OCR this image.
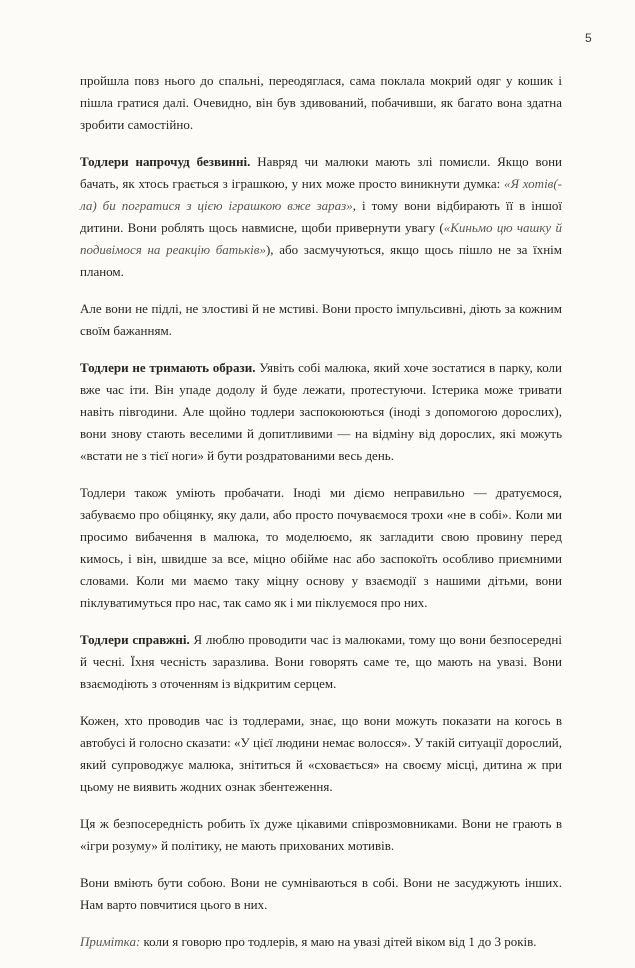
5

пройшла повз нього до спальні, переодяглася, сама поклала мокрий одяг у кошик і пішла гратися далі. Очевидно, він був здивований, побачивши, як багато вона здатна зробити самостійно.

Тодлери напрочуд безвинні. Навряд чи малюки мають злі помисли. Якщо вони бачать, як хтось грається з іграшкою, у них може просто виникнути думка: «Я хотів(-ла) би погратися з цією іграшкою вже зараз», і тому вони відбирають її в іншої дитини. Вони роблять щось навмисне, щоби привернути увагу («Киньмо цю чашку й подивімося на реакцію батьків»), або засмучуються, якщо щось пішло не за їхнім планом.

Але вони не підлі, не злостиві й не мстиві. Вони просто імпульсивні, діють за кожним своїм бажанням.

Тодлери не тримають образи. Уявіть собі малюка, який хоче зостатися в парку, коли вже час іти. Він упаде додолу й буде лежати, протестуючи. Істерика може тривати навіть півгодини. Але щойно тодлери заспокоюються (іноді з допомогою дорослих), вони знову стають веселими й допитливими — на відміну від дорослих, які можуть «встати не з тієї ноги» й бути роздратованими весь день.

Тодлери також уміють пробачати. Іноді ми діємо неправильно — дратуємося, забуваємо про обіцянку, яку дали, або просто почуваємося трохи «не в собі». Коли ми просимо вибачення в малюка, то моделюємо, як загладити свою провину перед кимось, і він, швидше за все, міцно обійме нас або заспокоїть особливо приємними словами. Коли ми маємо таку міцну основу у взаємодії з нашими дітьми, вони піклуватимуться про нас, так само як і ми піклуємося про них.

Тодлери справжні. Я люблю проводити час із малюками, тому що вони безпосередні й чесні. Їхня чесність заразлива. Вони говорять саме те, що мають на увазі. Вони взаємодіють з оточенням із відкритим серцем.

Кожен, хто проводив час із тодлерами, знає, що вони можуть показати на когось в автобусі й голосно сказати: «У цієї людини немає волосся». У такій ситуації дорослий, який супроводжує малюка, знітиться й «сховається» на своєму місці, дитина ж при цьому не виявить жодних ознак збентеження.

Ця ж безпосередність робить їх дуже цікавими співрозмовниками. Вони не грають в «ігри розуму» й політику, не мають прихованих мотивів.

Вони вміють бути собою. Вони не сумніваються в собі. Вони не засуджують інших. Нам варто повчитися цього в них.

Примітка: коли я говорю про тодлерів, я маю на увазі дітей віком від 1 до 3 років.
